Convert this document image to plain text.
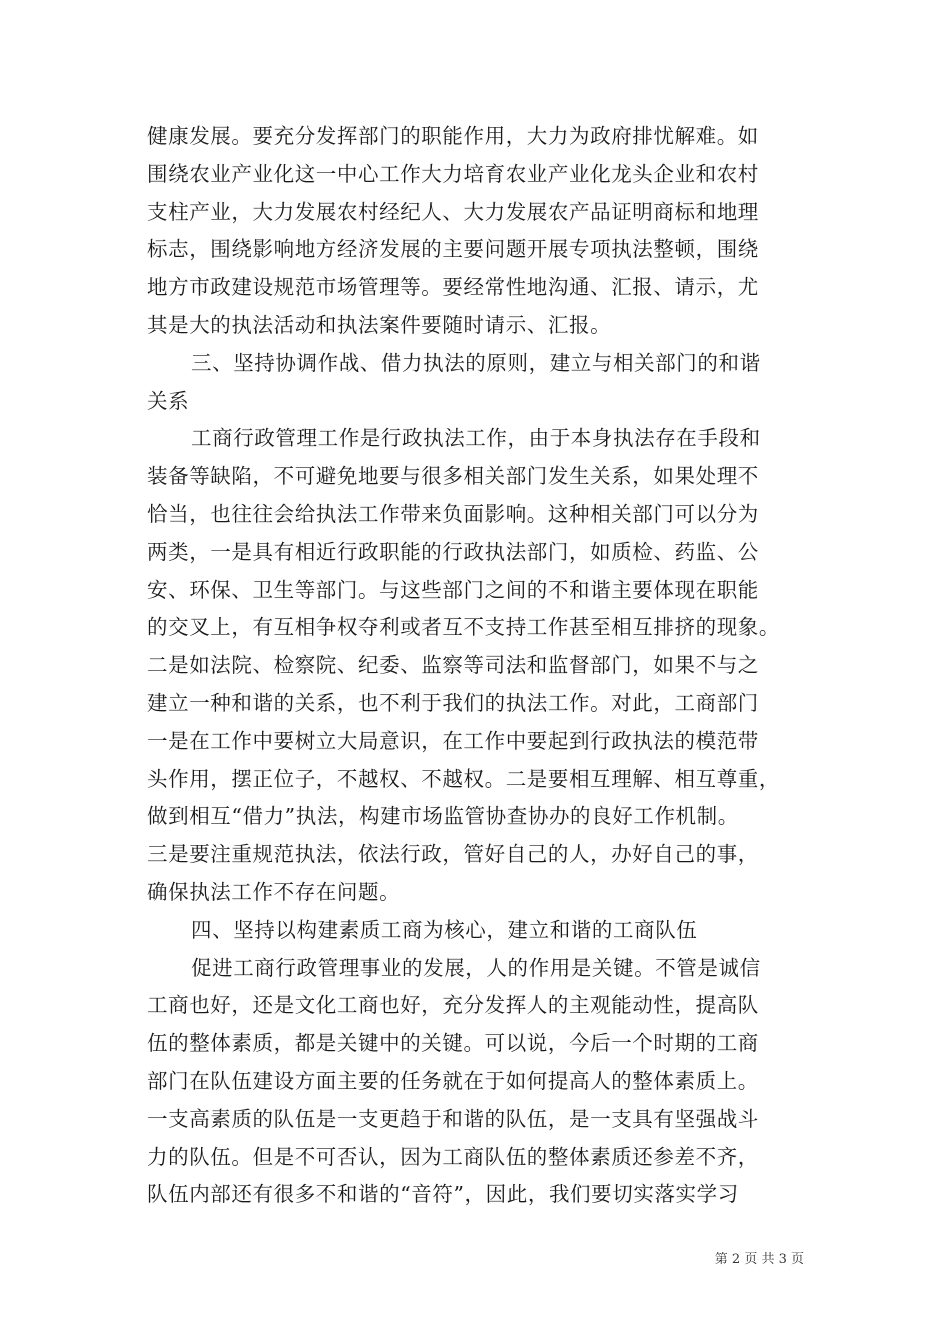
健康发展。要充分发挥部门的职能作用，大力为政府排忧解难。如
围绕农业产业化这一中心工作大力培育农业产业化龙头企业和农村
支柱产业，大力发展农村经纪人、大力发展农产品证明商标和地理
标志，围绕影响地方经济发展的主要问题开展专项执法整顿，围绕
地方市政建设规范市场管理等。要经常性地沟通、汇报、请示，尤
其是大的执法活动和执法案件要随时请示、汇报。
三、坚持协调作战、借力执法的原则，建立与相关部门的和谐
关系
工商行政管理工作是行政执法工作，由于本身执法存在手段和
装备等缺陷，不可避免地要与很多相关部门发生关系，如果处理不
恰当，也往往会给执法工作带来负面影响。这种相关部门可以分为
两类，一是具有相近行政职能的行政执法部门，如质检、药监、公
安、环保、卫生等部门。与这些部门之间的不和谐主要体现在职能
的交叉上，有互相争权夺利或者互不支持工作甚至相互排挤的现象。
二是如法院、检察院、纪委、监察等司法和监督部门，如果不与之
建立一种和谐的关系，也不利于我们的执法工作。对此，工商部门
一是在工作中要树立大局意识，在工作中要起到行政执法的模范带
头作用，摆正位子，不越权、不越权。二是要相互理解、相互尊重，
做到相互“借力”执法，构建市场监管协查协办的良好工作机制。
三是要注重规范执法，依法行政，管好自己的人，办好自己的事，
确保执法工作不存在问题。
四、坚持以构建素质工商为核心，建立和谐的工商队伍
促进工商行政管理事业的发展，人的作用是关键。不管是诚信
工商也好，还是文化工商也好，充分发挥人的主观能动性，提高队
伍的整体素质，都是关键中的关键。可以说，今后一个时期的工商
部门在队伍建设方面主要的任务就在于如何提高人的整体素质上。
一支高素质的队伍是一支更趋于和谐的队伍，是一支具有坚强战斗
力的队伍。但是不可否认，因为工商队伍的整体素质还参差不齐，
队伍内部还有很多不和谐的“音符”，因此，我们要切实落实学习
第 2 页 共 3 页
